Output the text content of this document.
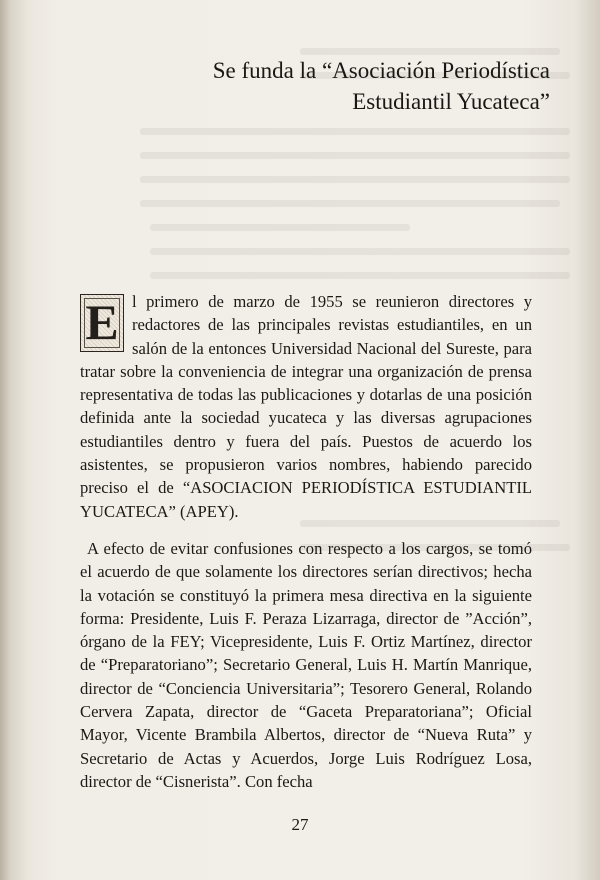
Se funda la “Asociación Periodística
Estudiantil Yucateca”

E l primero de marzo de 1955 se reunieron directores y redactores de las principales revistas estudiantiles, en un salón de la entonces Universidad Nacional del Sureste, para tratar sobre la conveniencia de integrar una organización de prensa representativa de todas las publicaciones y dotarlas de una posición definida ante la sociedad yucateca y las diversas agrupaciones estudiantiles dentro y fuera del país. Puestos de acuerdo los asistentes, se propusieron varios nombres, habiendo parecido preciso el de “ASOCIACION PERIODÍSTICA ESTUDIANTIL YUCATECA” (APEY).

A efecto de evitar confusiones con respecto a los cargos, se tomó el acuerdo de que solamente los directores serían directivos; hecha la votación se constituyó la primera mesa directiva en la siguiente forma: Presidente, Luis F. Peraza Lizarraga, director de ”Acción”, órgano de la FEY; Vicepresidente, Luis F. Ortiz Martínez, director de “Preparatoriano”; Secretario General, Luis H. Martín Manrique, director de “Conciencia Universitaria”; Tesorero General, Rolando Cervera Zapata, director de “Gaceta Preparatoriana”; Oficial Mayor, Vicente Brambila Albertos, director de “Nueva Ruta” y Secretario de Actas y Acuerdos, Jorge Luis Rodríguez Losa, director de “Cisnerista”. Con fecha

27
